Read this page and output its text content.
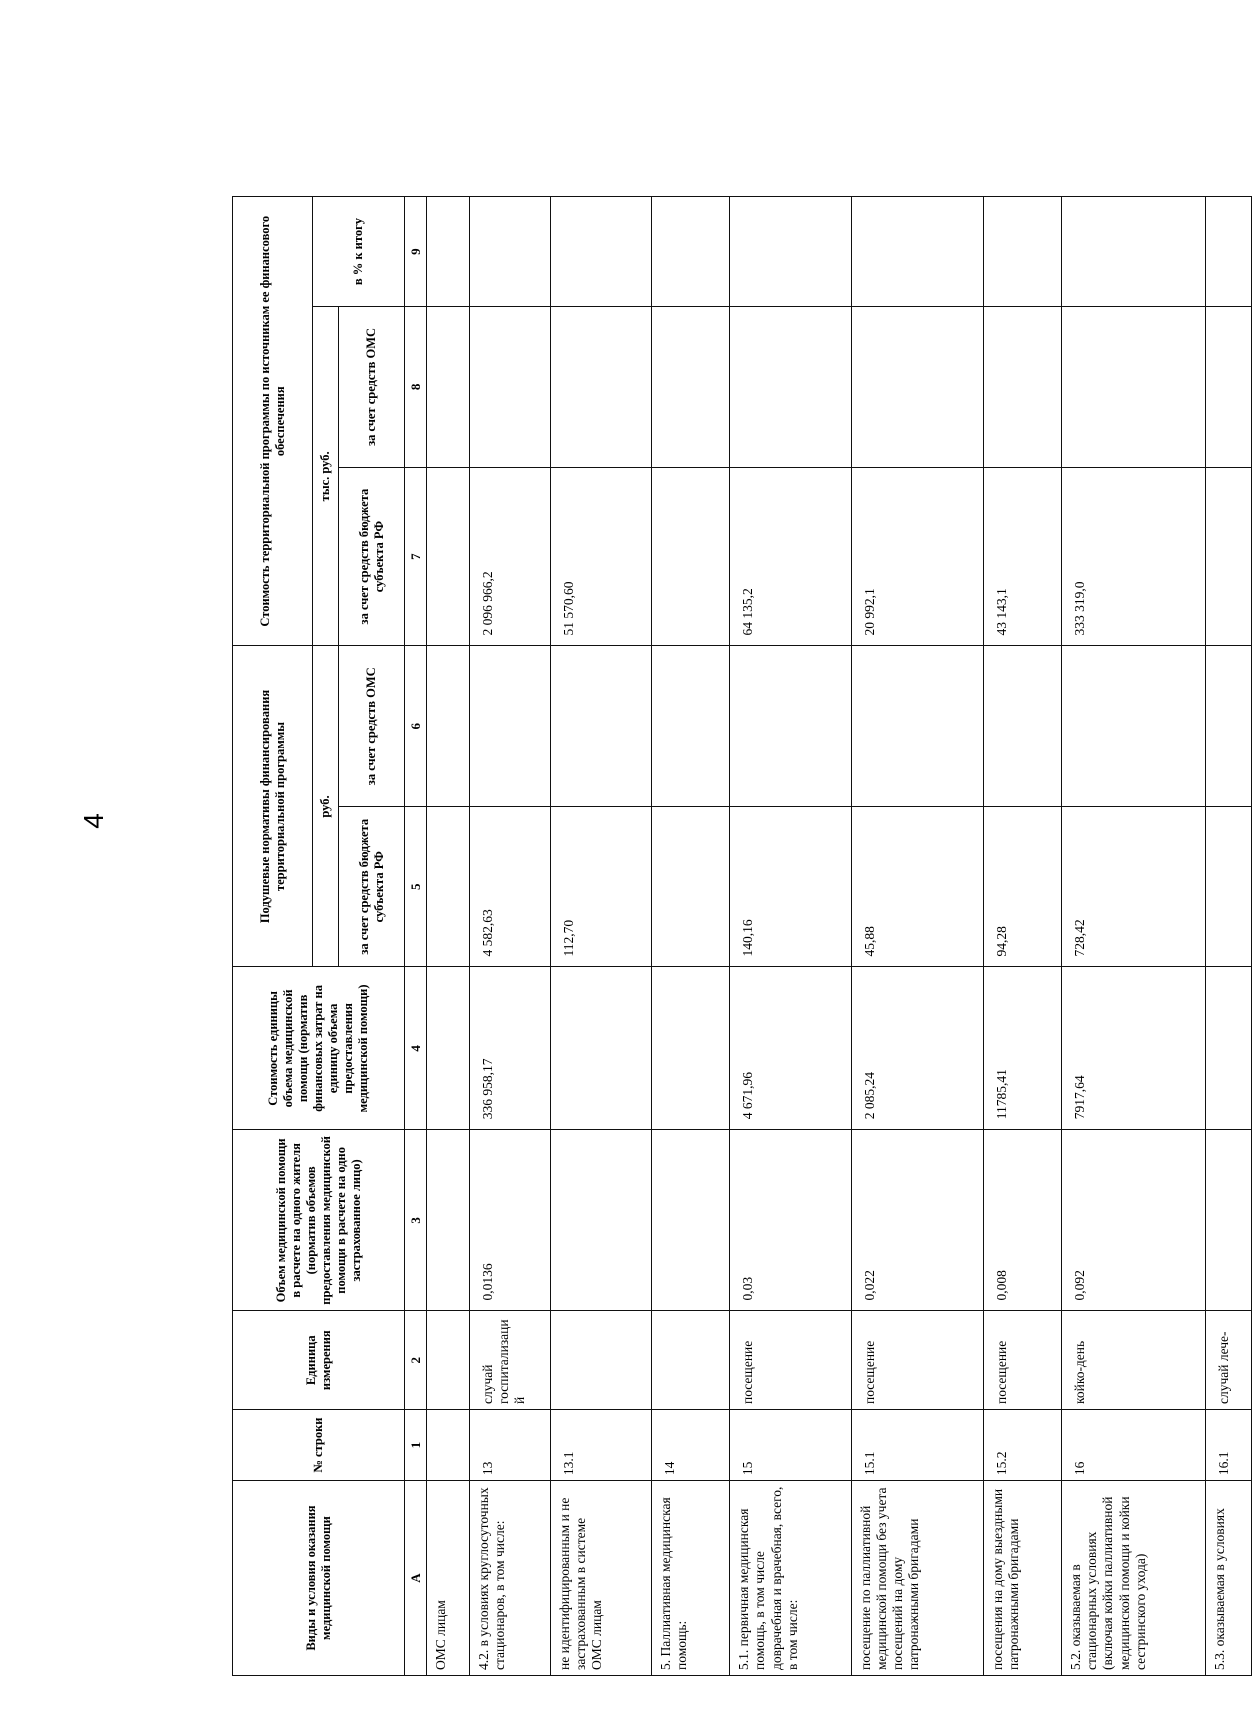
4
Виды и условия оказания медицинской помощи	№ строки	Единица измерения	Объем медицинской помощи в расчете на одного жителя (норматив объемов предоставления медицинской помощи в расчете на одно застрахованное лицо)	Стоимость единицы объема медицинской помощи (норматив финансовых затрат на единицу объема предоставления медицинской помощи)	Подушевые нормативы финансирования территориальной программы		Стоимость территориальной программы по источникам ее финансового обеспечения		
					руб.		тыс. руб.		в % к итогу
					за счет средств бюджета субъекта РФ	за счет средств ОМС	за счет средств бюджета субъекта РФ	за счет средств ОМС	
А	1	2	3	4	5	6	7	8	9
ОМС лицам									
4.2. в условиях круглосуточных стационаров, в том числе:	13	случай госпитализаций	0,0136	336 958,17	4 582,63		2 096 966,2		
не идентифицированным и не застрахованным в системе ОМС лицам	13.1				112,70		51 570,60		
5. Паллиативная медицинская помощь:	14								
5.1. первичная медицинская помощь, в том числе доврачебная и врачебная, всего, в том числе:	15	посещение	0,03	4 671,96	140,16		64 135,2		
посещение по паллиативной медицинской помощи без учета посещений на дому патронажными бригадами	15.1	посещение	0,022	2 085,24	45,88		20 992,1		
посещения на дому выездными патронажными бригадами	15.2	посещение	0,008	11785,41	94,28		43 143,1		
5.2. оказываемая в стационарных условиях (включая койки паллиативной медицинской помощи и койки сестринского ухода)	16	койко-день	0,092	7917,64	728,42		333 319,0		
5.3. оказываемая в условиях	16.1	случай лече-							
